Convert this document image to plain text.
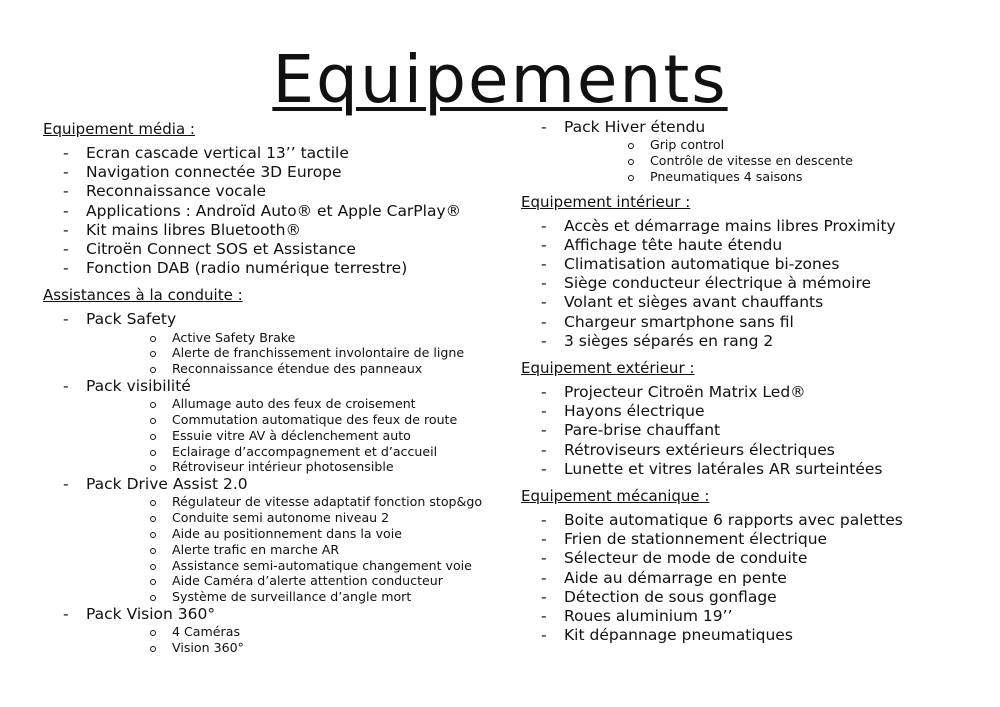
Equipements
Equipement média :
- Ecran cascade vertical 13’’ tactile
- Navigation connectée 3D Europe
- Reconnaissance vocale
- Applications : Androïd Auto® et Apple CarPlay®
- Kit mains libres Bluetooth®
- Citroën Connect SOS et Assistance
- Fonction DAB (radio numérique terrestre)
Assistances à la conduite :
- Pack Safety
Active Safety Brake
Alerte de franchissement involontaire de ligne
Reconnaissance étendue des panneaux
- Pack visibilité
Allumage auto des feux de croisement
Commutation automatique des feux de route
Essuie vitre AV à déclenchement auto
Eclairage d’accompagnement et d’accueil
Rétroviseur intérieur photosensible
- Pack Drive Assist 2.0
Régulateur de vitesse adaptatif fonction stop&go
Conduite semi autonome niveau 2
Aide au positionnement dans la voie
Alerte trafic en marche AR
Assistance semi-automatique changement voie
Aide Caméra d’alerte attention conducteur
Système de surveillance d’angle mort
- Pack Vision 360°
4 Caméras
Vision 360°
- Pack Hiver étendu
Grip control
Contrôle de vitesse en descente
Pneumatiques 4 saisons
Equipement intérieur :
- Accès et démarrage mains libres Proximity
- Affichage tête haute étendu
- Climatisation automatique bi-zones
- Siège conducteur électrique à mémoire
- Volant et sièges avant chauffants
- Chargeur smartphone sans fil
- 3 sièges séparés en rang 2
Equipement extérieur :
- Projecteur Citroën Matrix Led®
- Hayons électrique
- Pare-brise chauffant
- Rétroviseurs extérieurs électriques
- Lunette et vitres latérales AR surteintées
Equipement mécanique :
- Boite automatique 6 rapports avec palettes
- Frien de stationnement électrique
- Sélecteur de mode de conduite
- Aide au démarrage en pente
- Détection de sous gonflage
- Roues aluminium 19’’
- Kit dépannage pneumatiques
